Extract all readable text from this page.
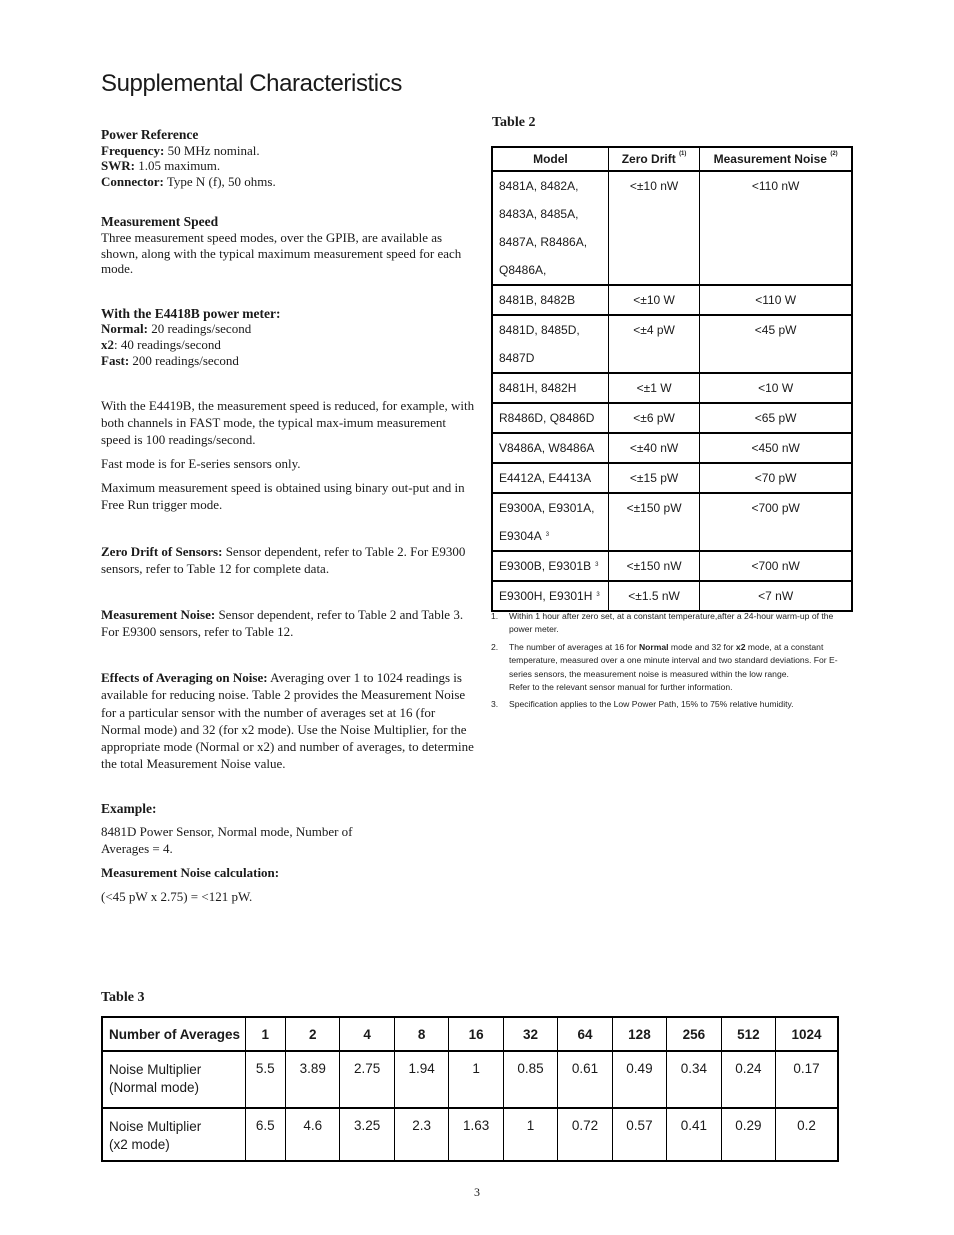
Supplemental Characteristics

Power Reference

Frequency: 50 MHz nominal.

SWR: 1.05 maximum.

Connector: Type N (f), 50 ohms.

Measurement Speed

Three measurement speed modes, over the GPIB, are available as shown, along with the typical maximum measurement speed for each mode.

With the E4418B power meter:

Normal: 20 readings/second

x2: 40 readings/second

Fast: 200 readings/second

With the E4419B, the measurement speed is reduced, for example, with both channels in FAST mode, the typical max-imum measurement speed is 100 readings/second.

Fast mode is for E-series sensors only.

Maximum measurement speed is obtained using binary out-put and in Free Run trigger mode.

Zero Drift of Sensors: Sensor dependent, refer to Table 2. For E9300 sensors, refer to Table 12 for complete data.

Measurement Noise: Sensor dependent, refer to Table 2 and Table 3. For E9300 sensors, refer to Table 12.

Effects of Averaging on Noise: Averaging over 1 to 1024 readings is available for reducing noise. Table 2 provides the Measurement Noise for a particular sensor with the number of averages set at 16 (for Normal mode) and 32 (for x2 mode). Use the Noise Multiplier, for the appropriate mode (Normal or x2) and number of averages, to determine the total Measurement Noise value.

Example:

8481D Power Sensor, Normal mode, Number of Averages = 4.

Measurement Noise calculation:

(<45 pW x 2.75) = <121 pW.

Table 2
Model	Zero Drift $^{(1)}$	Measurement Noise $^{(2)}$

8481A, 8482A,
8483A, 8485A,
8487A, R8486A,
Q8486A,	<±10 nW	<110 nW

8481B, 8482B	<±10 W	<110 W

8481D, 8485D,
8487D	<±4 pW	<45 pW

8481H, 8482H	<±1 W	<10 W

R8486D, Q8486D	<±6 pW	<65 pW

V8486A, W8486A	<±40 nW	<450 nW

E4412A, E4413A	<±15 pW	<70 pW

E9300A, E9301A,
E9304A $^3$	<±150 pW	<700 pW

E9300B, E9301B $^3$	<±150 nW	<700 nW

E9300H, E9301H $^3$	<±1.5 nW	<7 nW
1.	Within 1 hour after zero set, at a constant temperature,after a 24-hour warm-up of the power meter.
2.	The number of averages at 16 for Normal mode and 32 for x2 mode, at a constant temperature, measured over a one minute interval and two standard deviations. For E-series sensors, the measurement noise is measured within the low range.
Refer to the relevant sensor manual for further information.
3.	Specification applies to the Low Power Path, 15% to 75% relative humidity.
Table 3
Number of Averages	1	2	4	8	16	32	64	128	256	512	1024

Noise Multiplier
(Normal mode)	5.5	3.89	2.75	1.94	1	0.85	0.61	0.49	0.34	0.24	0.17

Noise Multiplier
(x2 mode)	6.5	4.6	3.25	2.3	1.63	1	0.72	0.57	0.41	0.29	0.2
3
